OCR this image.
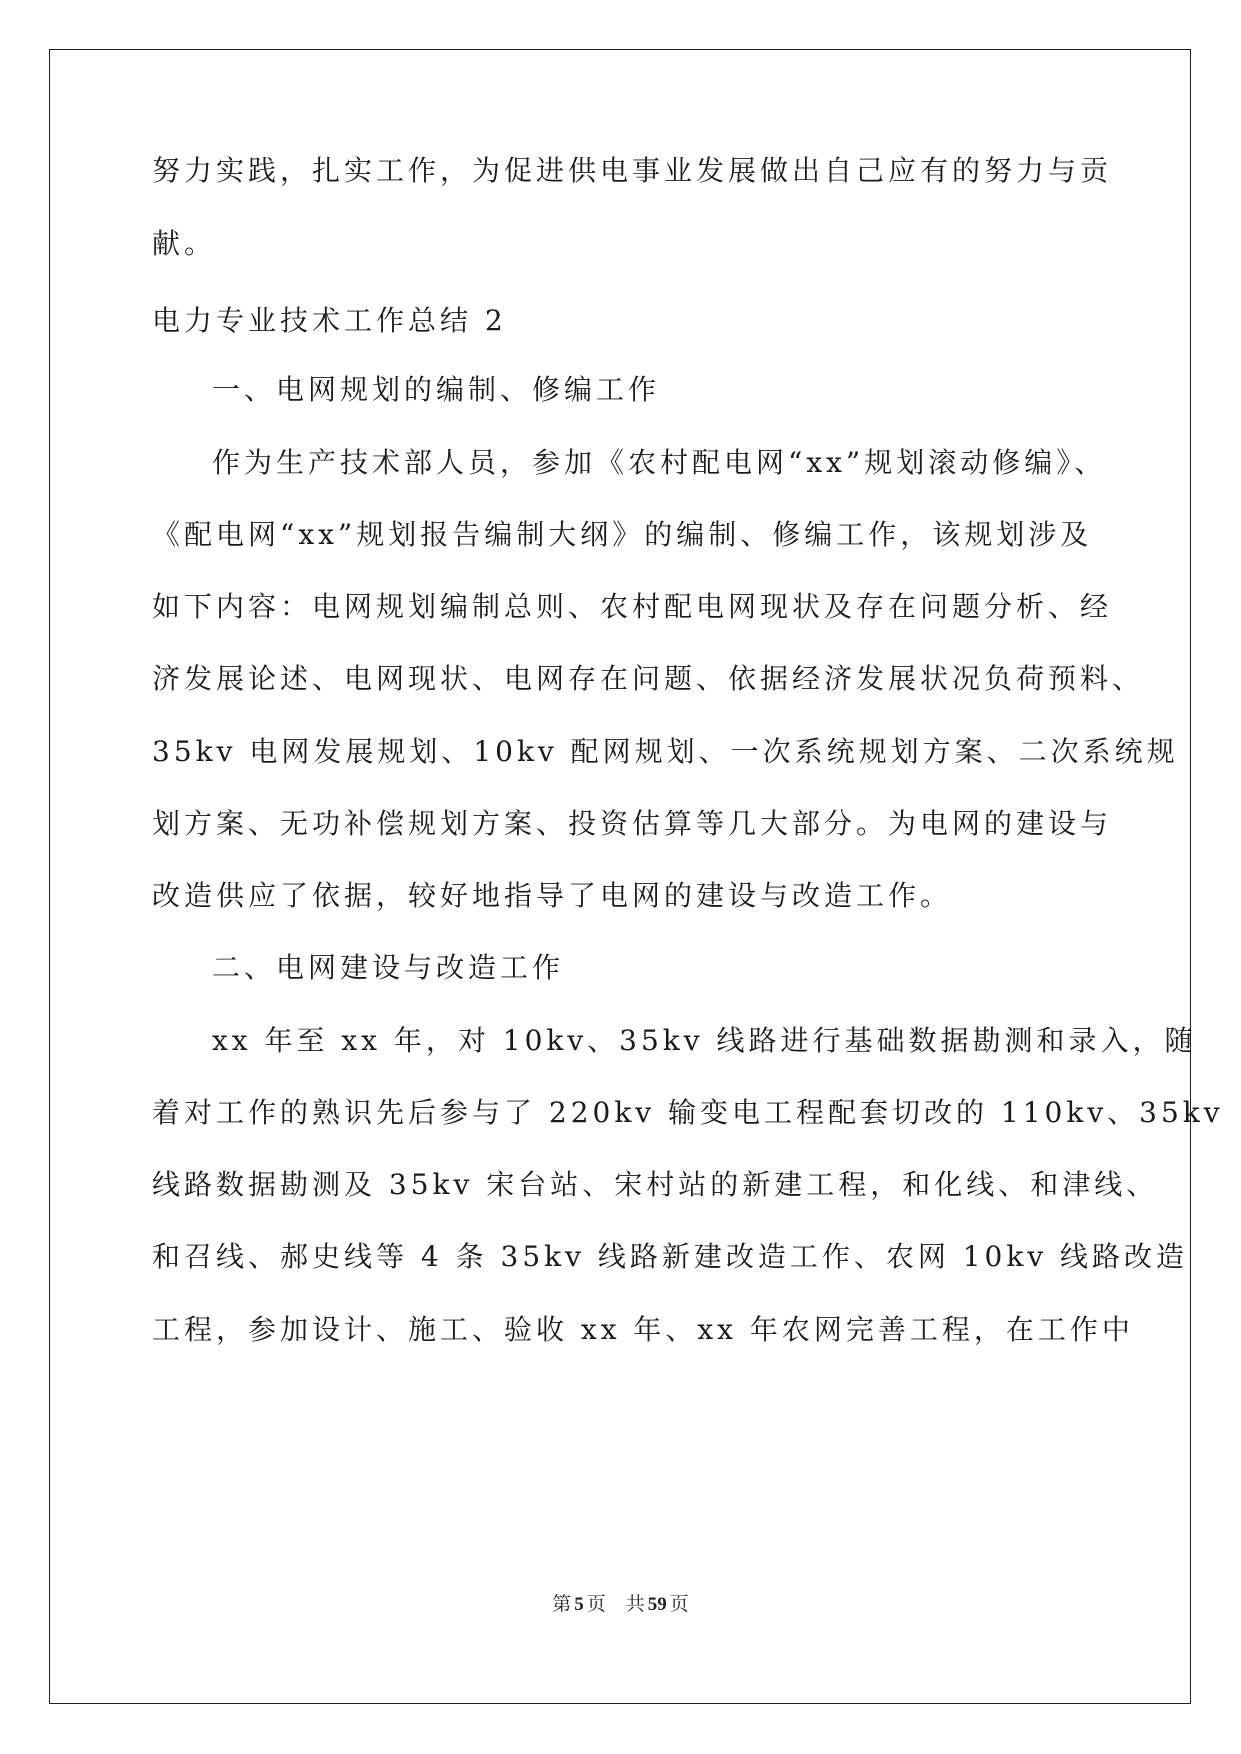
努力实践，扎实工作，为促进供电事业发展做出自己应有的努力与贡
献。
电力专业技术工作总结 2
一、电网规划的编制、修编工作
作为生产技术部人员，参加《农村配电网“xx”规划滚动修编》、
《配电网“xx”规划报告编制大纲》的编制、修编工作，该规划涉及
如下内容：电网规划编制总则、农村配电网现状及存在问题分析、经
济发展论述、电网现状、电网存在问题、依据经济发展状况负荷预料、
35kv 电网发展规划、10kv 配网规划、一次系统规划方案、二次系统规
划方案、无功补偿规划方案、投资估算等几大部分。为电网的建设与
改造供应了依据，较好地指导了电网的建设与改造工作。
二、电网建设与改造工作
xx 年至 xx 年，对 10kv、35kv 线路进行基础数据勘测和录入，随
着对工作的熟识先后参与了 220kv 输变电工程配套切改的 110kv、35kv
线路数据勘测及 35kv 宋台站、宋村站的新建工程，和化线、和津线、
和召线、郝史线等 4 条 35kv 线路新建改造工作、农网 10kv 线路改造
工程，参加设计、施工、验收 xx 年、xx 年农网完善工程，在工作中
第 5 页 共 59 页
